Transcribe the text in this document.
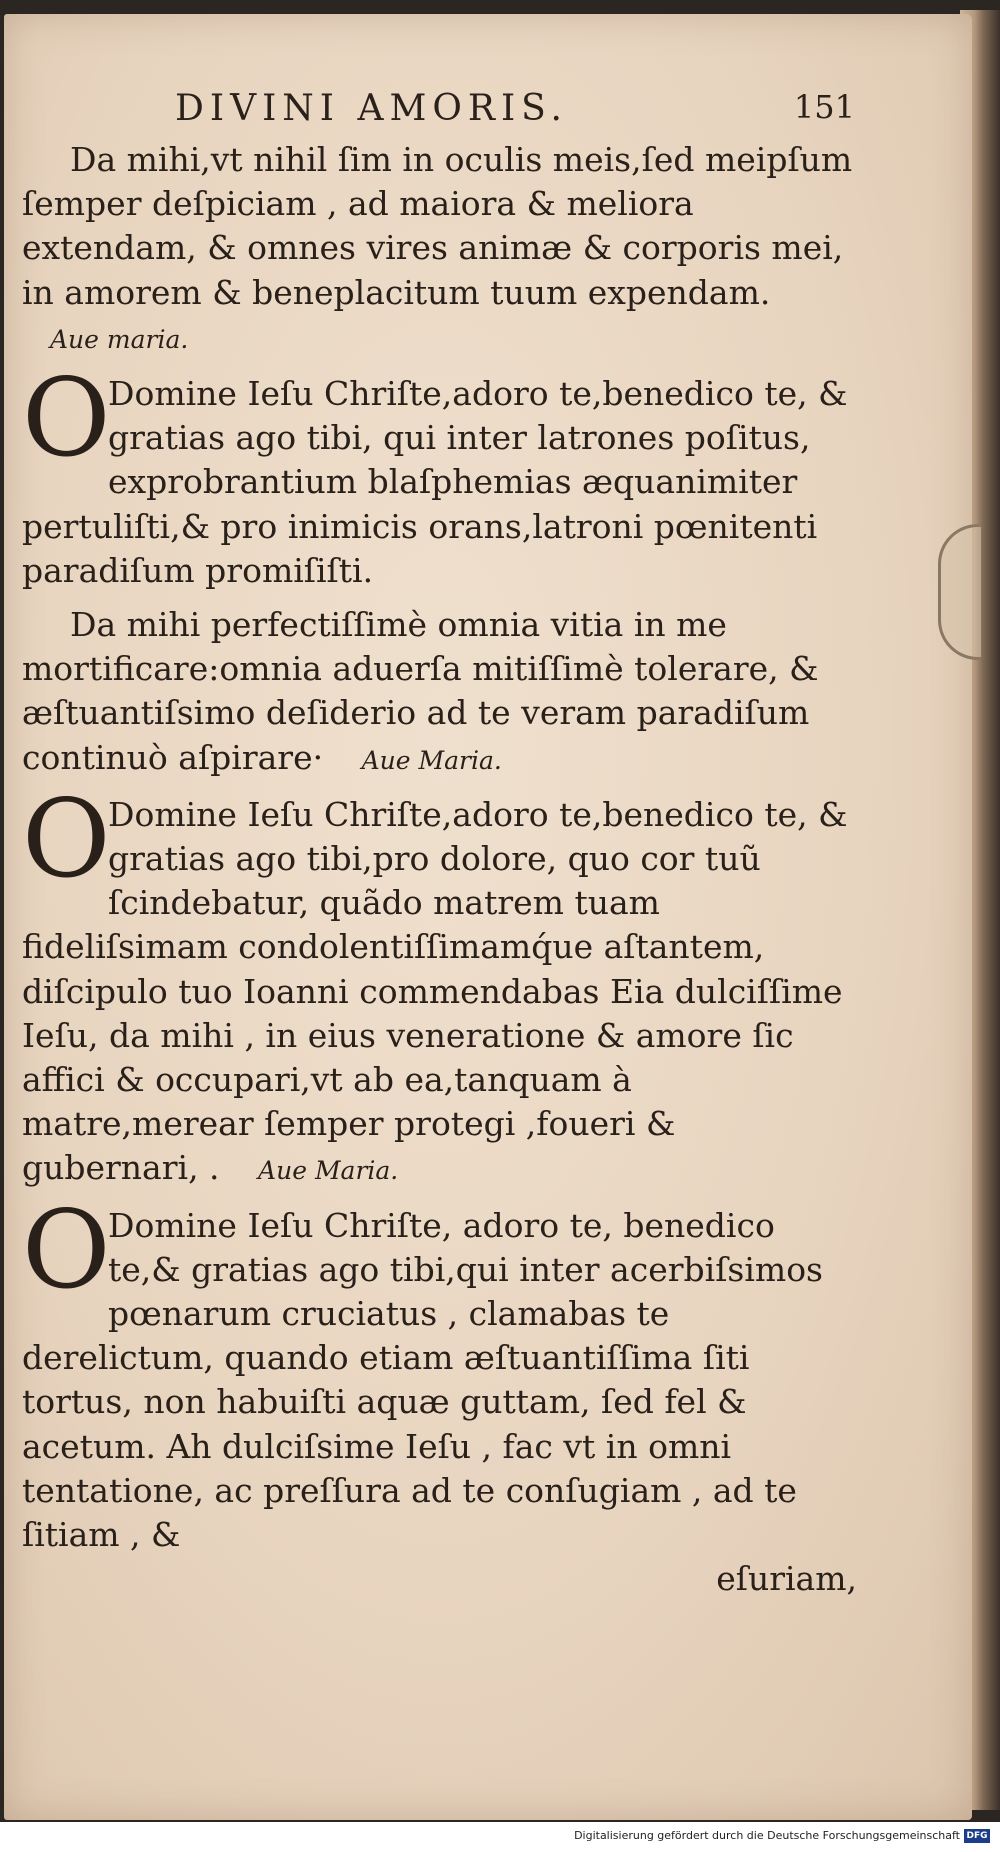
DIVINI AMORIS.	151

Da mihi,vt nihil ſim in oculis meis,ſed meipſum ſemper deſpiciam , ad maiora & meliora extendam, & omnes vires animæ & corporis mei, in amorem & beneplacitum tuum expendam. Aue maria.

O
Domine Ieſu Chriſte,adoro te,benedico te, & gratias ago tibi, qui inter latrones poſitus, exprobrantium blaſphemias æquanimiter pertuliſti,& pro inimicis orans,latroni pœnitenti paradiſum promiſiſti.

Da mihi perfectiſſimè omnia vitia in me mortificare:omnia aduerſa mitiſſimè tolerare, & æſtuantiſsimo deſiderio ad te veram paradiſum continuò aſpirare· Aue Maria.

O
Domine Ieſu Chriſte,adoro te,benedico te, & gratias ago tibi,pro dolore, quo cor tuũ ſcindebatur, quãdo matrem tuam fideliſsimam condolentiſſimamq́ue aſtantem, diſcipulo tuo Ioanni commendabas Eia dulciſſime Ieſu, da mihi , in eius veneratione & amore ſic affici & occupari,vt ab ea,tanquam à matre,merear ſemper protegi ,foueri & gubernari, . Aue Maria.

O
Domine Ieſu Chriſte, adoro te, benedico te,& gratias ago tibi,qui inter acerbiſsimos pœnarum cruciatus , clamabas te derelictum, quando etiam æſtuantiſſima ſiti tortus, non habuiſti aquæ guttam, ſed fel & acetum. Ah dulciſsime Ieſu , fac vt in omni tentatione, ac preſſura ad te conſugiam , ad te ſitiam , &

eſuriam,

Digitalisierung gefördert durch die Deutsche Forschungsgemeinschaft DFG
